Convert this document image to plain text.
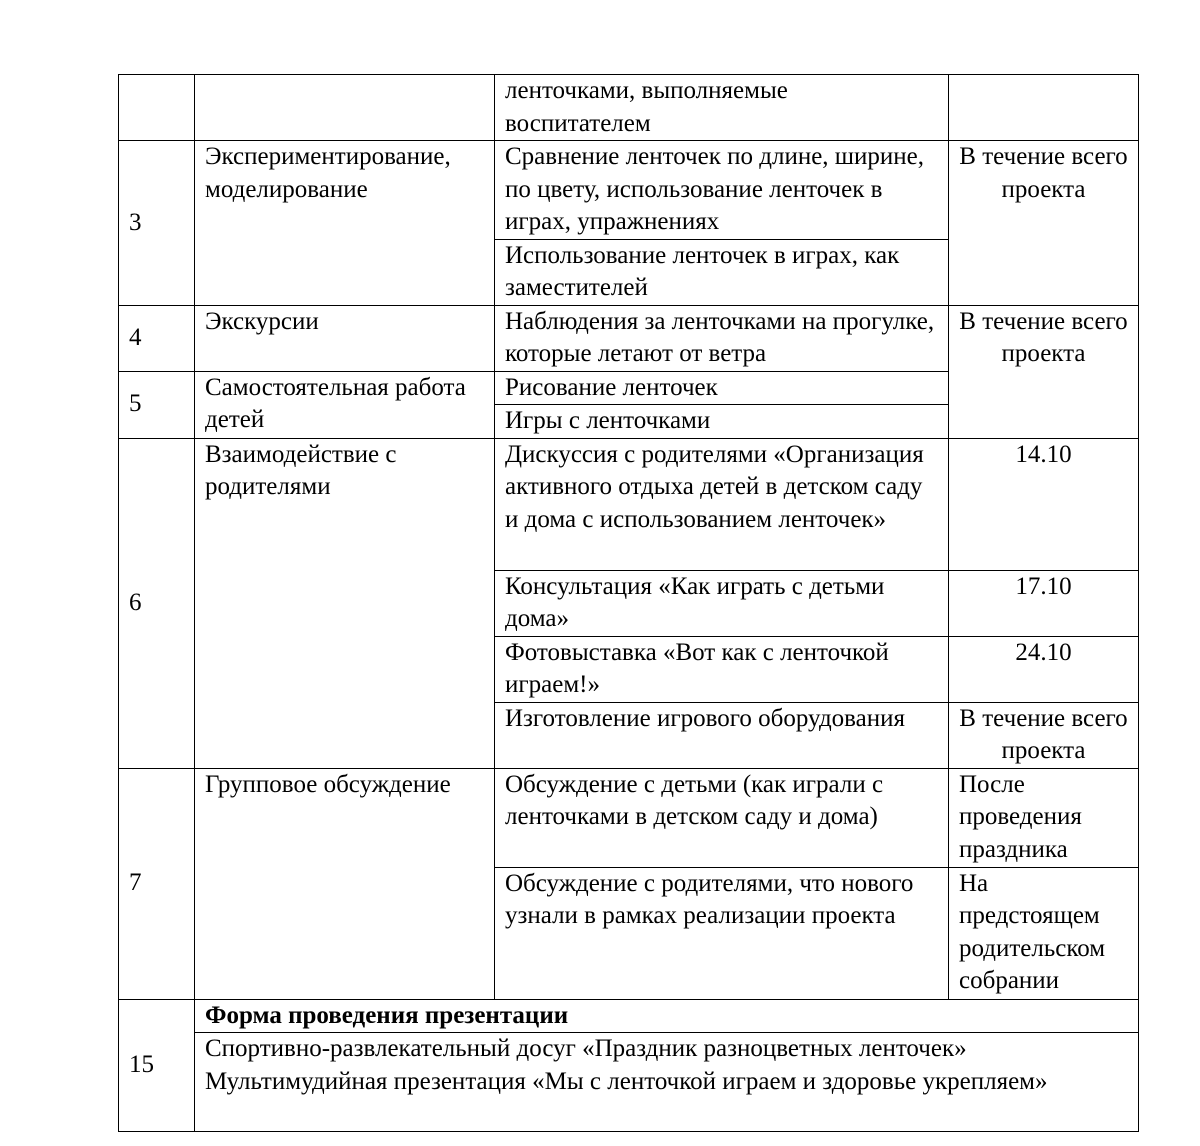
		ленточками, выполняемые воспитателем	
3	Экспериментирование, моделирование	Сравнение ленточек по длине, ширине, по цвету, использование ленточек в играх, упражнениях	В течение всего проекта
		Использование ленточек в играх, как заместителей	
4	Экскурсии	Наблюдения за ленточками на прогулке, которые летают от ветра	В течение всего проекта
5	Самостоятельная работа детей	Рисование ленточек	
		Игры с ленточками	
6	Взаимодействие с родителями	Дискуссия с родителями «Организация активного отдыха детей в детском саду и дома с использованием ленточек»	14.10
		Консультация «Как играть с детьми дома»	17.10
		Фотовыставка «Вот как с ленточкой играем!»	24.10
		Изготовление игрового оборудования	В течение всего проекта
7	Групповое обсуждение	Обсуждение с детьми (как играли с ленточками в детском саду и дома)	После проведения праздника
		Обсуждение с родителями, что нового узнали в рамках реализации проекта	На предстоящем родительском собрании
15	Форма проведения презентации		

	Спортивно-развлекательный досуг «Праздник разноцветных ленточек»
Мультимудийная презентация «Мы с ленточкой играем и здоровье укрепляем»		
